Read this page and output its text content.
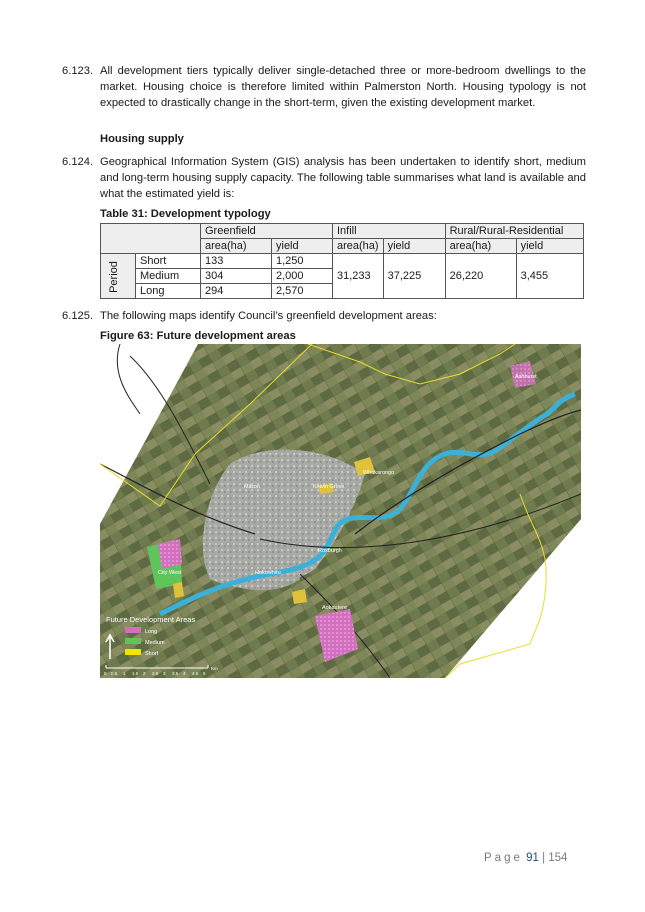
6.123. All development tiers typically deliver single-detached three or more-bedroom dwellings to the market. Housing choice is therefore limited within Palmerston North. Housing typology is not expected to drastically change in the short-term, given the existing development market.
Housing supply
6.124. Geographical Information System (GIS) analysis has been undertaken to identify short, medium and long-term housing supply capacity. The following table summarises what land is available and what the estimated yield is:
Table 31: Development typology
		Greenfield		Infill		Rural/Rural-Residential	
		area(ha)	yield	area(ha)	yield	area(ha)	yield

Period	Short	133	1,250	31,233	37,225	26,220	3,455
	Medium	304	2,000				
	Long	294	2,570				
6.125. The following maps identify Council’s greenfield development areas:
Figure 63: Future development areas
Ashhurst
Milson	Kelvin Grove
Whakarongo
City West	Hokowhitu
Roxburgh
Aokautere
Future Development Areas
Long
Medium
Short
0 0.5 1 1.5 2 2.5 3 3.5 4 4.5 5
Km
Page 91 | 154
